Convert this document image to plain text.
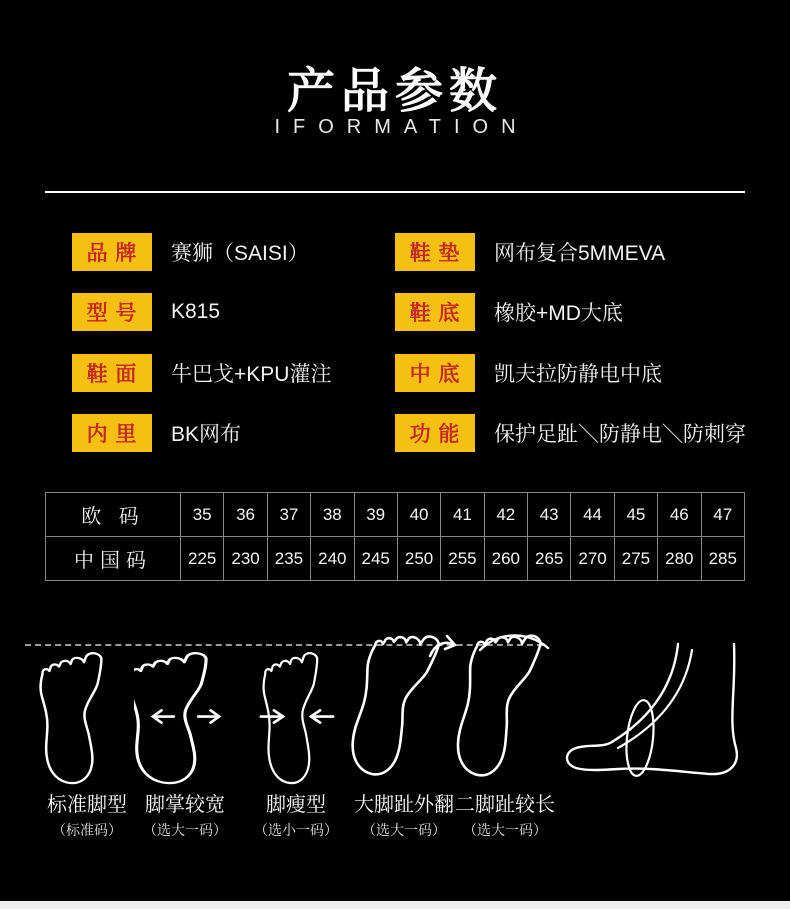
产品参数
IFORMATION
品 牌	赛狮（SAISI）
型 号	K815
鞋 面	牛巴戈+KPU灌注
内 里	BK网布
鞋 垫	网布复合5MMEVA
鞋 底	橡胶+MD大底
中 底	凯夫拉防静电中底
功 能	保护足趾＼防静电＼防刺穿
欧 码	35	36	37	38	39	40	41	42	43	44	45	46	47
中国码	225	230	235	240	245	250	255	260	265	270	275	280	285
标准脚型
（标准码）
脚掌较宽
（选大一码）
脚瘦型
（选小一码）
大脚趾外翻
（选大一码）
二脚趾较长
（选大一码）
